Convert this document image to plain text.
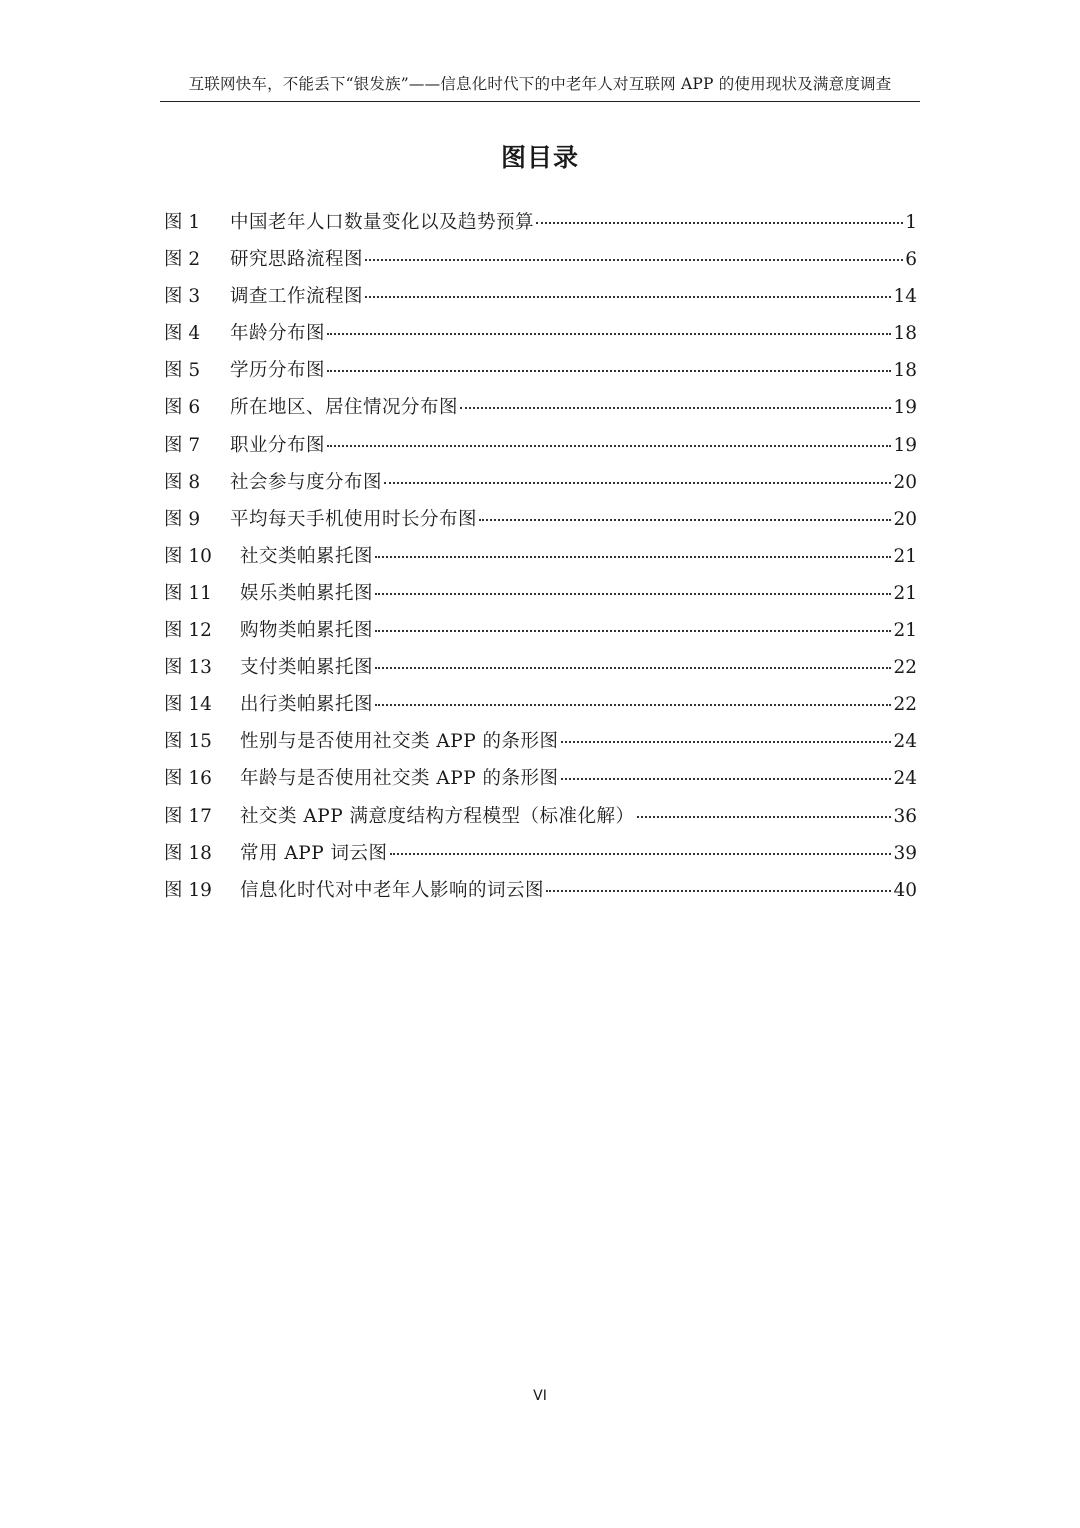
互联网快车，不能丢下“银发族”——信息化时代下的中老年人对互联网 APP 的使用现状及满意度调查
图目录
图 1	中国老年人口数量变化以及趋势预算	1
图 2	研究思路流程图	6
图 3	调查工作流程图	14
图 4	年龄分布图	18
图 5	学历分布图	18
图 6	所在地区、居住情况分布图	19
图 7	职业分布图	19
图 8	社会参与度分布图	20
图 9	平均每天手机使用时长分布图	20
图 10	社交类帕累托图	21
图 11	娱乐类帕累托图	21
图 12	购物类帕累托图	21
图 13	支付类帕累托图	22
图 14	出行类帕累托图	22
图 15	性别与是否使用社交类 APP 的条形图	24
图 16	年龄与是否使用社交类 APP 的条形图	24
图 17	社交类 APP 满意度结构方程模型（标准化解）	36
图 18	常用 APP 词云图	39
图 19	信息化时代对中老年人影响的词云图	40
VI
